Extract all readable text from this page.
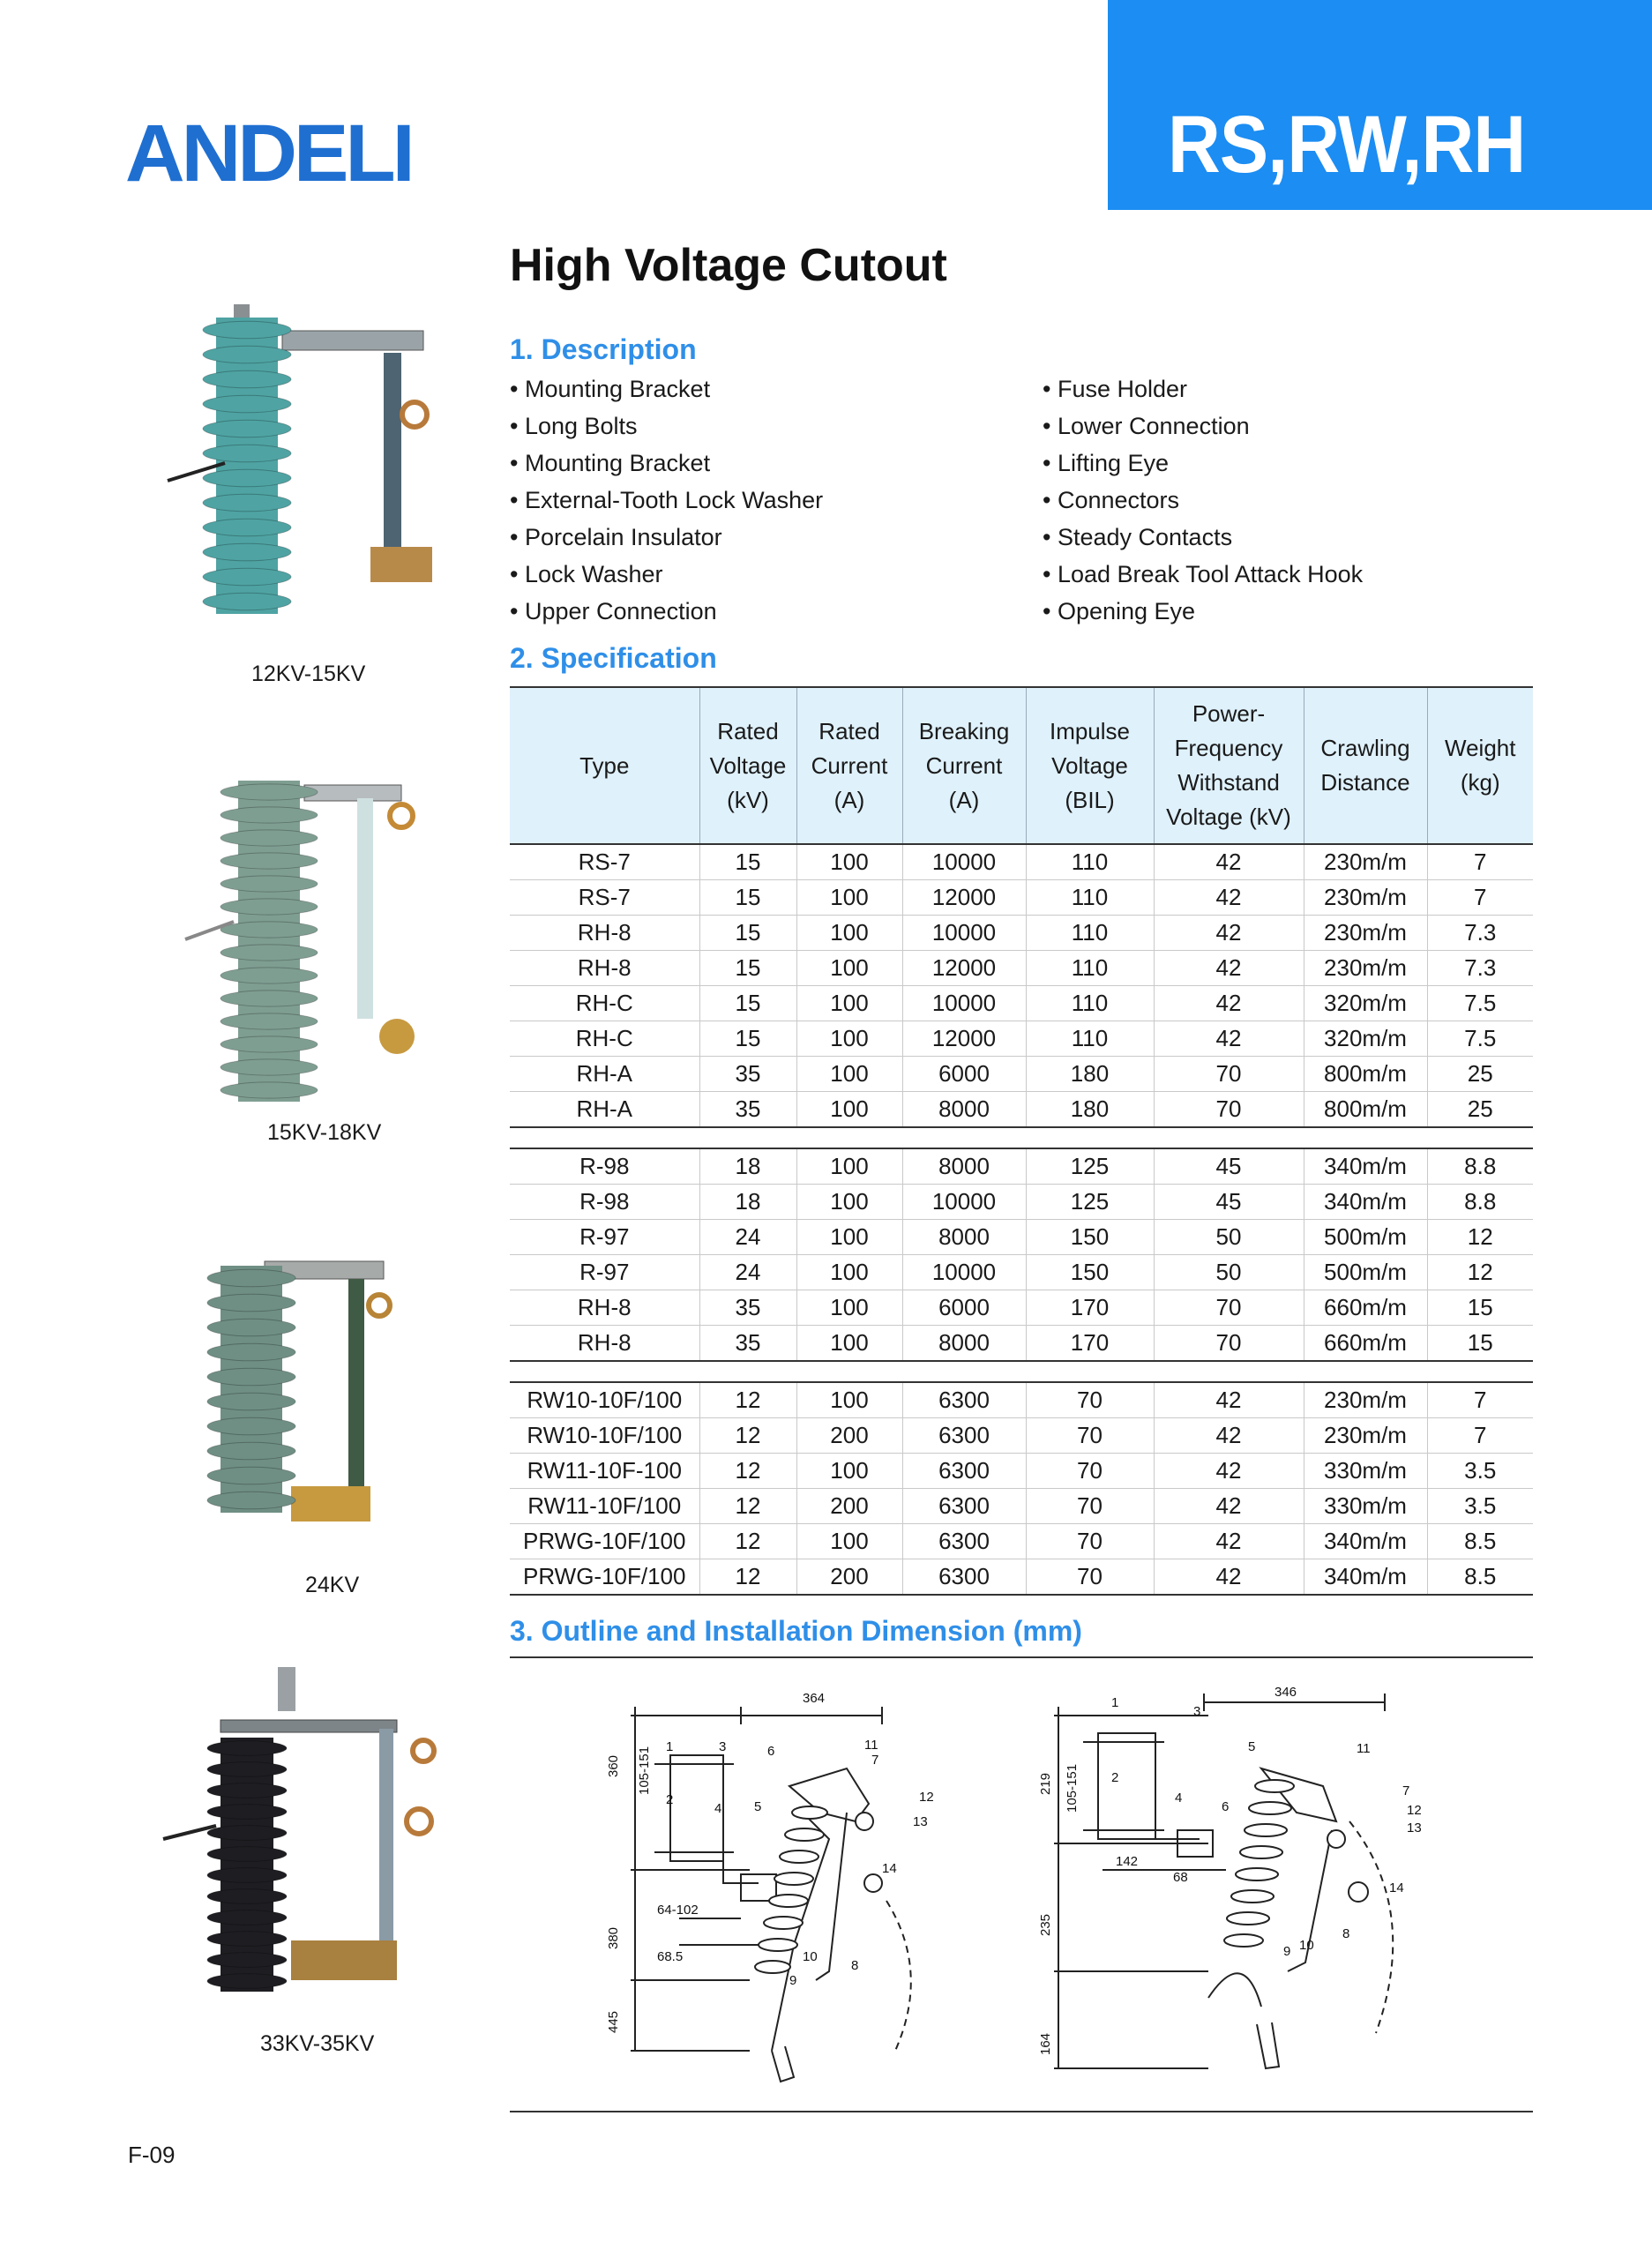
ANDELI	RS,RW,RH
High Voltage Cutout
1. Description
• Mounting Bracket
• Long Bolts
• Mounting Bracket
• External-Tooth Lock Washer
• Porcelain Insulator
• Lock Washer
• Upper Connection
• Fuse Holder
• Lower Connection
• Lifting Eye
• Connectors
• Steady Contacts
• Load Break Tool Attack Hook
• Opening Eye
2. Specification
Type	Rated
Voltage
(kV)	Rated
Current
(A)	Breaking
Current
(A)	Impulse
Voltage
(BIL)	Power-
Frequency
Withstand
Voltage (kV)	Crawling
Distance	Weight
(kg)
RS-7	15	100	10000	110	42	230m/m	7
RS-7	15	100	12000	110	42	230m/m	7
RH-8	15	100	10000	110	42	230m/m	7.3
RH-8	15	100	12000	110	42	230m/m	7.3
RH-C	15	100	10000	110	42	320m/m	7.5
RH-C	15	100	12000	110	42	320m/m	7.5
RH-A	35	100	6000	180	70	800m/m	25
RH-A	35	100	8000	180	70	800m/m	25

R-98	18	100	8000	125	45	340m/m	8.8
R-98	18	100	10000	125	45	340m/m	8.8
R-97	24	100	8000	150	50	500m/m	12
R-97	24	100	10000	150	50	500m/m	12
RH-8	35	100	6000	170	70	660m/m	15
RH-8	35	100	8000	170	70	660m/m	15

RW10-10F/100	12	100	6300	70	42	230m/m	7
RW10-10F/100	12	200	6300	70	42	230m/m	7
RW11-10F-100	12	100	6300	70	42	330m/m	3.5
RW11-10F/100	12	200	6300	70	42	330m/m	3.5
PRWG-10F/100	12	100	6300	70	42	340m/m	8.5
PRWG-10F/100	12	200	6300	70	42	340m/m	8.5
3. Outline and Installation Dimension (mm)
364
360 105-151
380
445
64-102
68.5
1
2
3
4 5
6
7
8
9
10
11
12
13
14
346
219 105-151
235
164
142
68
1
2
3
4
5
6
7
8
9 10
11
12
13
14
12KV-15KV
15KV-18KV
24KV
33KV-35KV
F-09
